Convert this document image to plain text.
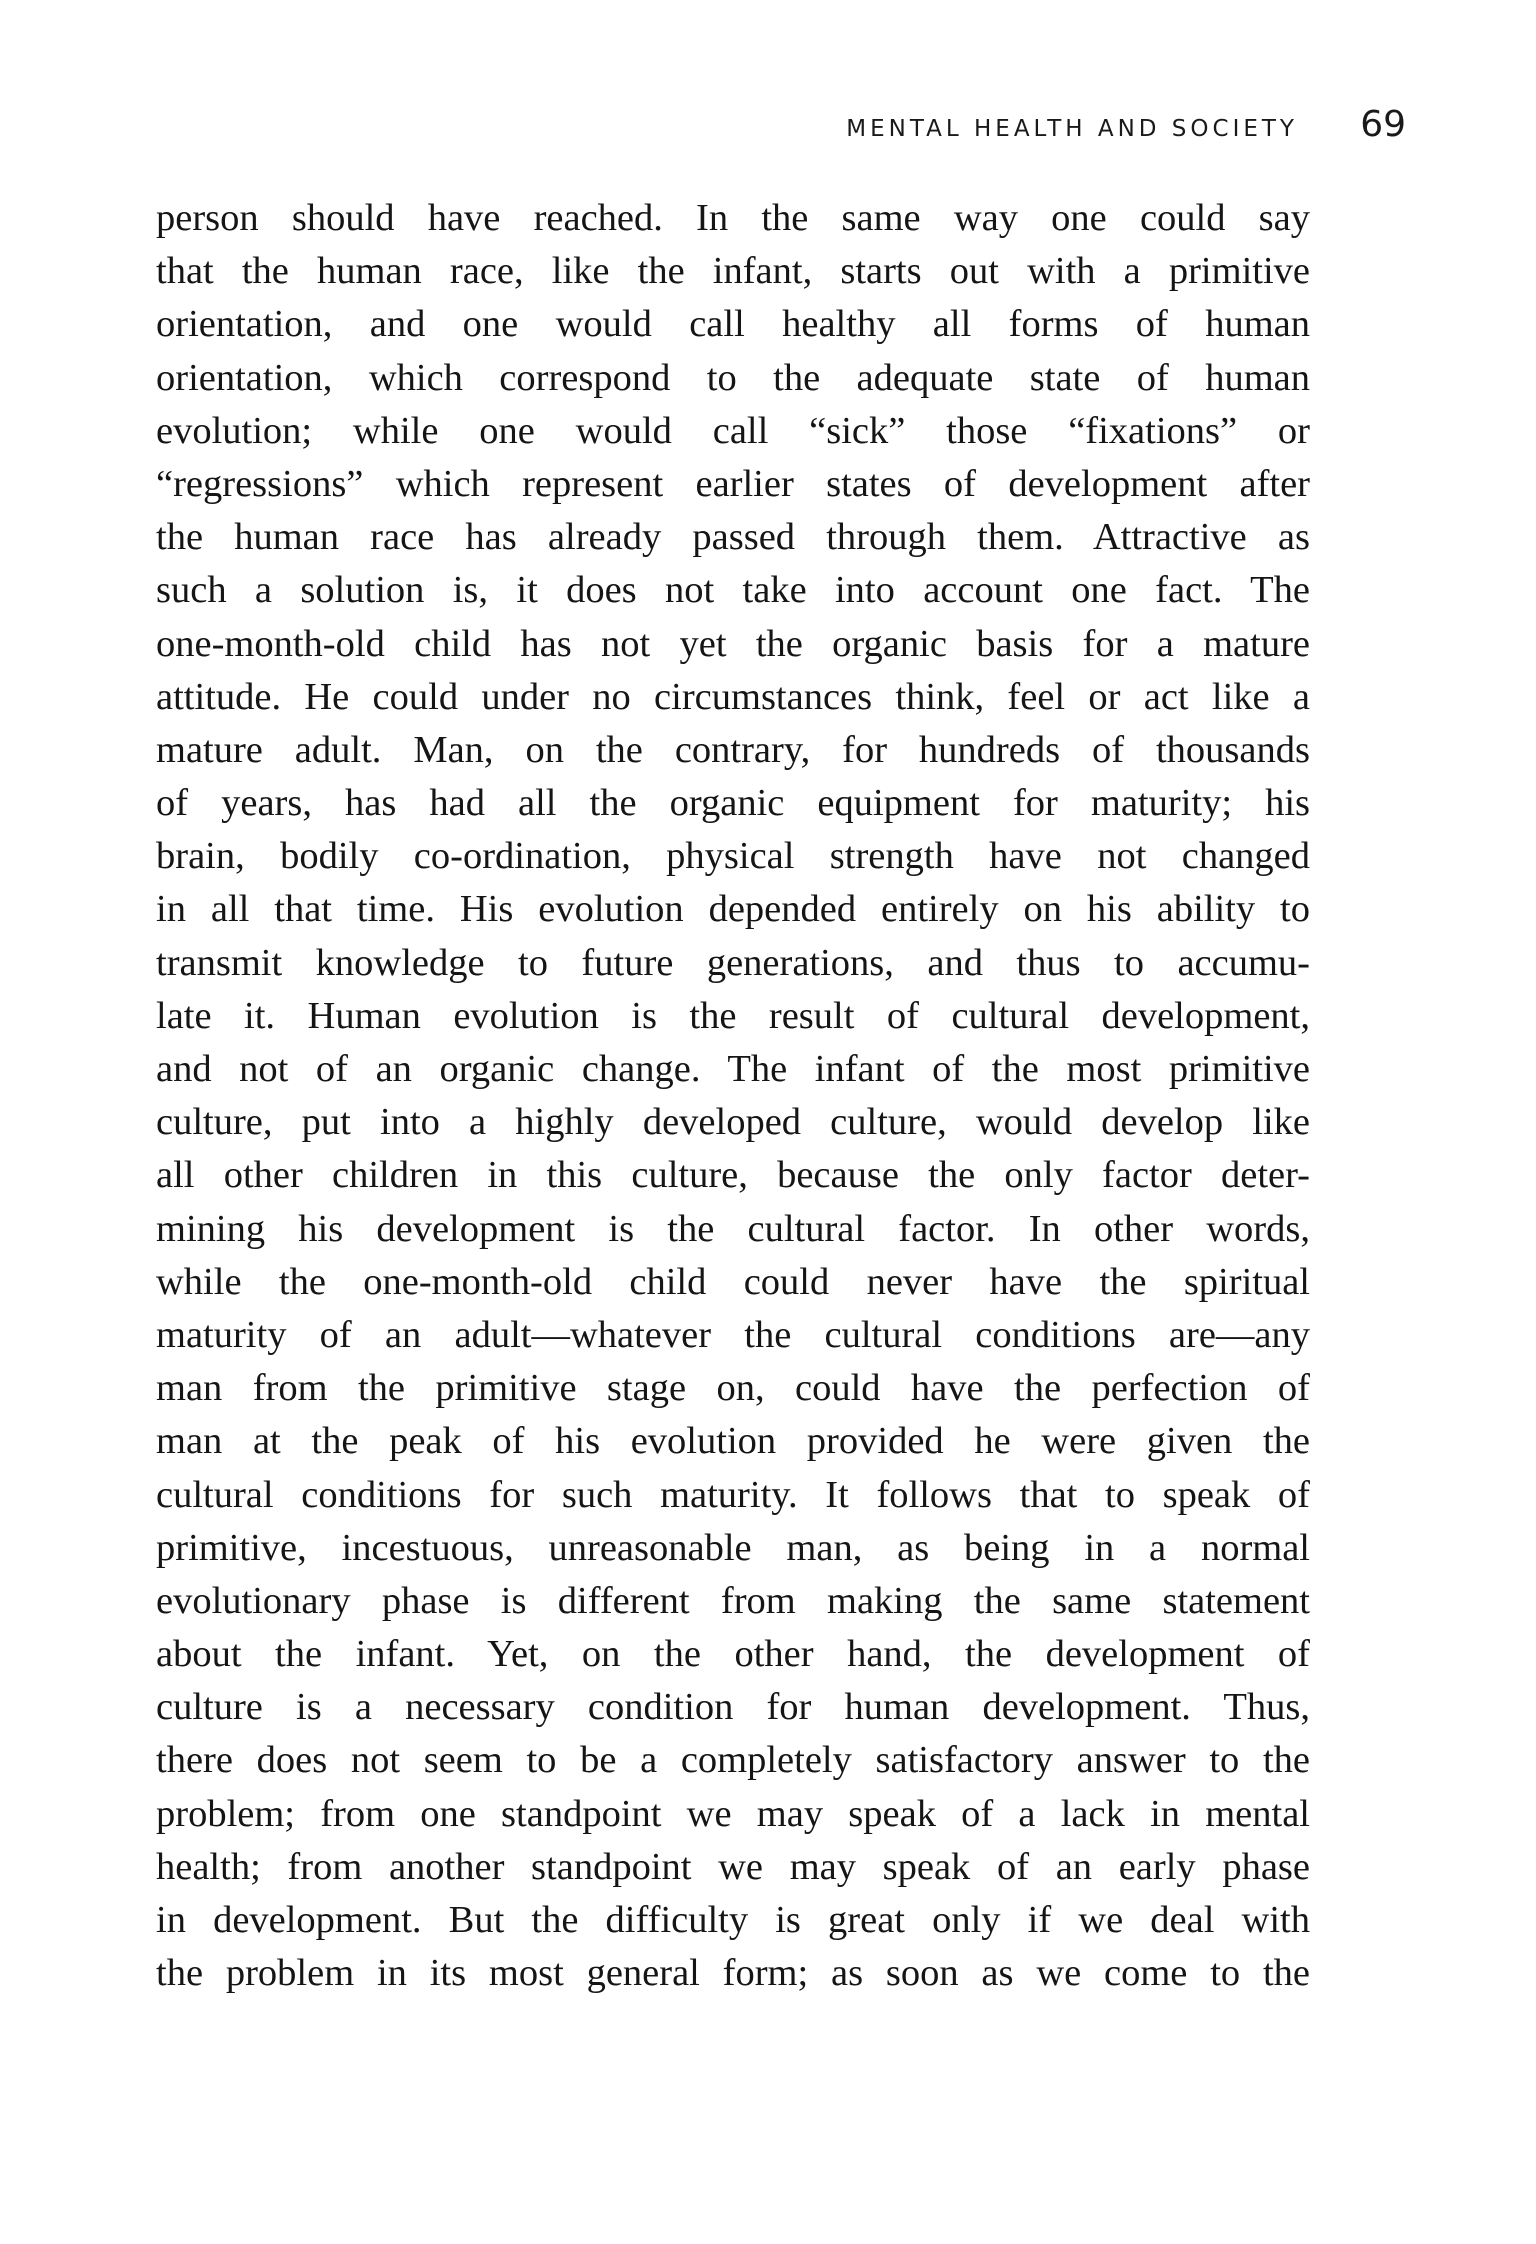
MENTAL HEALTH AND SOCIETY 69
person should have reached. In the same way one could say
that the human race, like the infant, starts out with a primitive
orientation, and one would call healthy all forms of human
orientation, which correspond to the adequate state of human
evolution; while one would call “sick” those “fixations” or
“regressions” which represent earlier states of development after
the human race has already passed through them. Attractive as
such a solution is, it does not take into account one fact. The
one-month-old child has not yet the organic basis for a mature
attitude. He could under no circumstances think, feel or act like a
mature adult. Man, on the contrary, for hundreds of thousands
of years, has had all the organic equipment for maturity; his
brain, bodily co-ordination, physical strength have not changed
in all that time. His evolution depended entirely on his ability to
transmit knowledge to future generations, and thus to accumu-
late it. Human evolution is the result of cultural development,
and not of an organic change. The infant of the most primitive
culture, put into a highly developed culture, would develop like
all other children in this culture, because the only factor deter-
mining his development is the cultural factor. In other words,
while the one-month-old child could never have the spiritual
maturity of an adult—whatever the cultural conditions are—any
man from the primitive stage on, could have the perfection of
man at the peak of his evolution provided he were given the
cultural conditions for such maturity. It follows that to speak of
primitive, incestuous, unreasonable man, as being in a normal
evolutionary phase is different from making the same statement
about the infant. Yet, on the other hand, the development of
culture is a necessary condition for human development. Thus,
there does not seem to be a completely satisfactory answer to the
problem; from one standpoint we may speak of a lack in mental
health; from another standpoint we may speak of an early phase
in development. But the difficulty is great only if we deal with
the problem in its most general form; as soon as we come to the
